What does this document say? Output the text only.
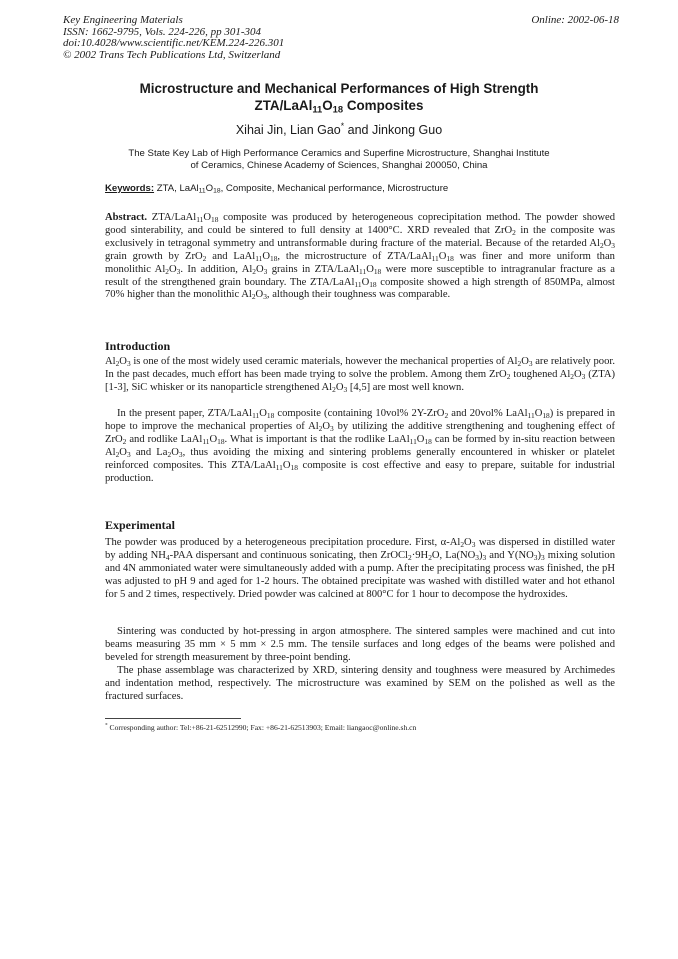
Key Engineering Materials
ISSN: 1662-9795, Vols. 224-226, pp 301-304
doi:10.4028/www.scientific.net/KEM.224-226.301
© 2002 Trans Tech Publications Ltd, Switzerland
Online: 2002-06-18
Microstructure and Mechanical Performances of High Strength
ZTA/$LaAl_{11}O_{18}$ Composites
Xihai Jin, Lian Gao* and Jinkong Guo
The State Key Lab of High Performance Ceramics and Superfine Microstructure, Shanghai Institute
of Ceramics, Chinese Academy of Sciences, Shanghai 200050, China
Keywords: ZTA, $LaAl_{11}O_{18}$, Composite, Mechanical performance, Microstructure
Abstract. ZTA/$LaAl_{11}O_{18}$ composite was produced by heterogeneous coprecipitation method. The powder showed good sinterability, and could be sintered to full density at 1400°C. XRD revealed that ZrO$_2$ in the composite was exclusively in tetragonal symmetry and untransformable during fracture of the material. Because of the retarded $Al_2O_3$ grain growth by ZrO$_2$ and $LaAl_{11}O_{18}$, the microstructure of ZTA/$LaAl_{11}O_{18}$ was finer and more uniform than monolithic $Al_2O_3$. In addition, $Al_2O_3$ grains in ZTA/$LaAl_{11}O_{18}$ were more susceptible to intragranular fracture as a result of the strengthened grain boundary. The ZTA/$LaAl_{11}O_{18}$ composite showed a high strength of 850MPa, almost 70% higher than the monolithic $Al_2O_3$, although their toughness was comparable.
Introduction

$Al_2O_3$ is one of the most widely used ceramic materials, however the mechanical properties of $Al_2O_3$ are relatively poor. In the past decades, much effort has been made trying to solve the problem. Among them ZrO$_2$ toughened $Al_2O_3$ (ZTA) [1-3], SiC whisker or its nanoparticle strengthened $Al_2O_3$ [4,5] are most well known.

In the present paper, ZTA/$LaAl_{11}O_{18}$ composite (containing 10vol% 2Y-ZrO$_2$ and 20vol% $LaAl_{11}O_{18}$) is prepared in hope to improve the mechanical properties of $Al_2O_3$ by utilizing the additive strengthening and toughening effect of ZrO$_2$ and rodlike $LaAl_{11}O_{18}$. What is important is that the rodlike $LaAl_{11}O_{18}$ can be formed by in-situ reaction between $Al_2O_3$ and $La_2O_3$, thus avoiding the mixing and sintering problems generally encountered in whisker or platelet reinforced composites. This ZTA/$LaAl_{11}O_{18}$ composite is cost effective and easy to prepare, suitable for industrial production.

Experimental

The powder was produced by a heterogeneous precipitation procedure. First, $\alpha-Al_2O_3$ was dispersed in distilled water by adding $NH_4$-PAA dispersant and continuous sonicating, then $ZrOCl_2\cdot 9H_2O$, $La(NO_3)_3$ and $Y(NO_3)_3$ mixing solution and 4N ammoniated water were simultaneously added with a pump. After the precipitating process was finished, the pH was adjusted to pH 9 and aged for 1-2 hours. The obtained precipitate was washed with distilled water and hot ethanol for 5 and 2 times, respectively. Dried powder was calcined at 800°C for 1 hour to decompose the hydroxides.

Sintering was conducted by hot-pressing in argon atmosphere. The sintered samples were machined and cut into beams measuring 35 mm × 5 mm × 2.5 mm. The tensile surfaces and long edges of the beams were polished and beveled for strength measurement by three-point bending.

The phase assemblage was characterized by XRD, sintering density and toughness were measured by Archimedes and indentation method, respectively. The microstructure was examined by SEM on the polished as well as the fractured surfaces.

* Corresponding author: Tel:+86-21-62512990; Fax: +86-21-62513903; Email: liangaoc@online.sh.cn
